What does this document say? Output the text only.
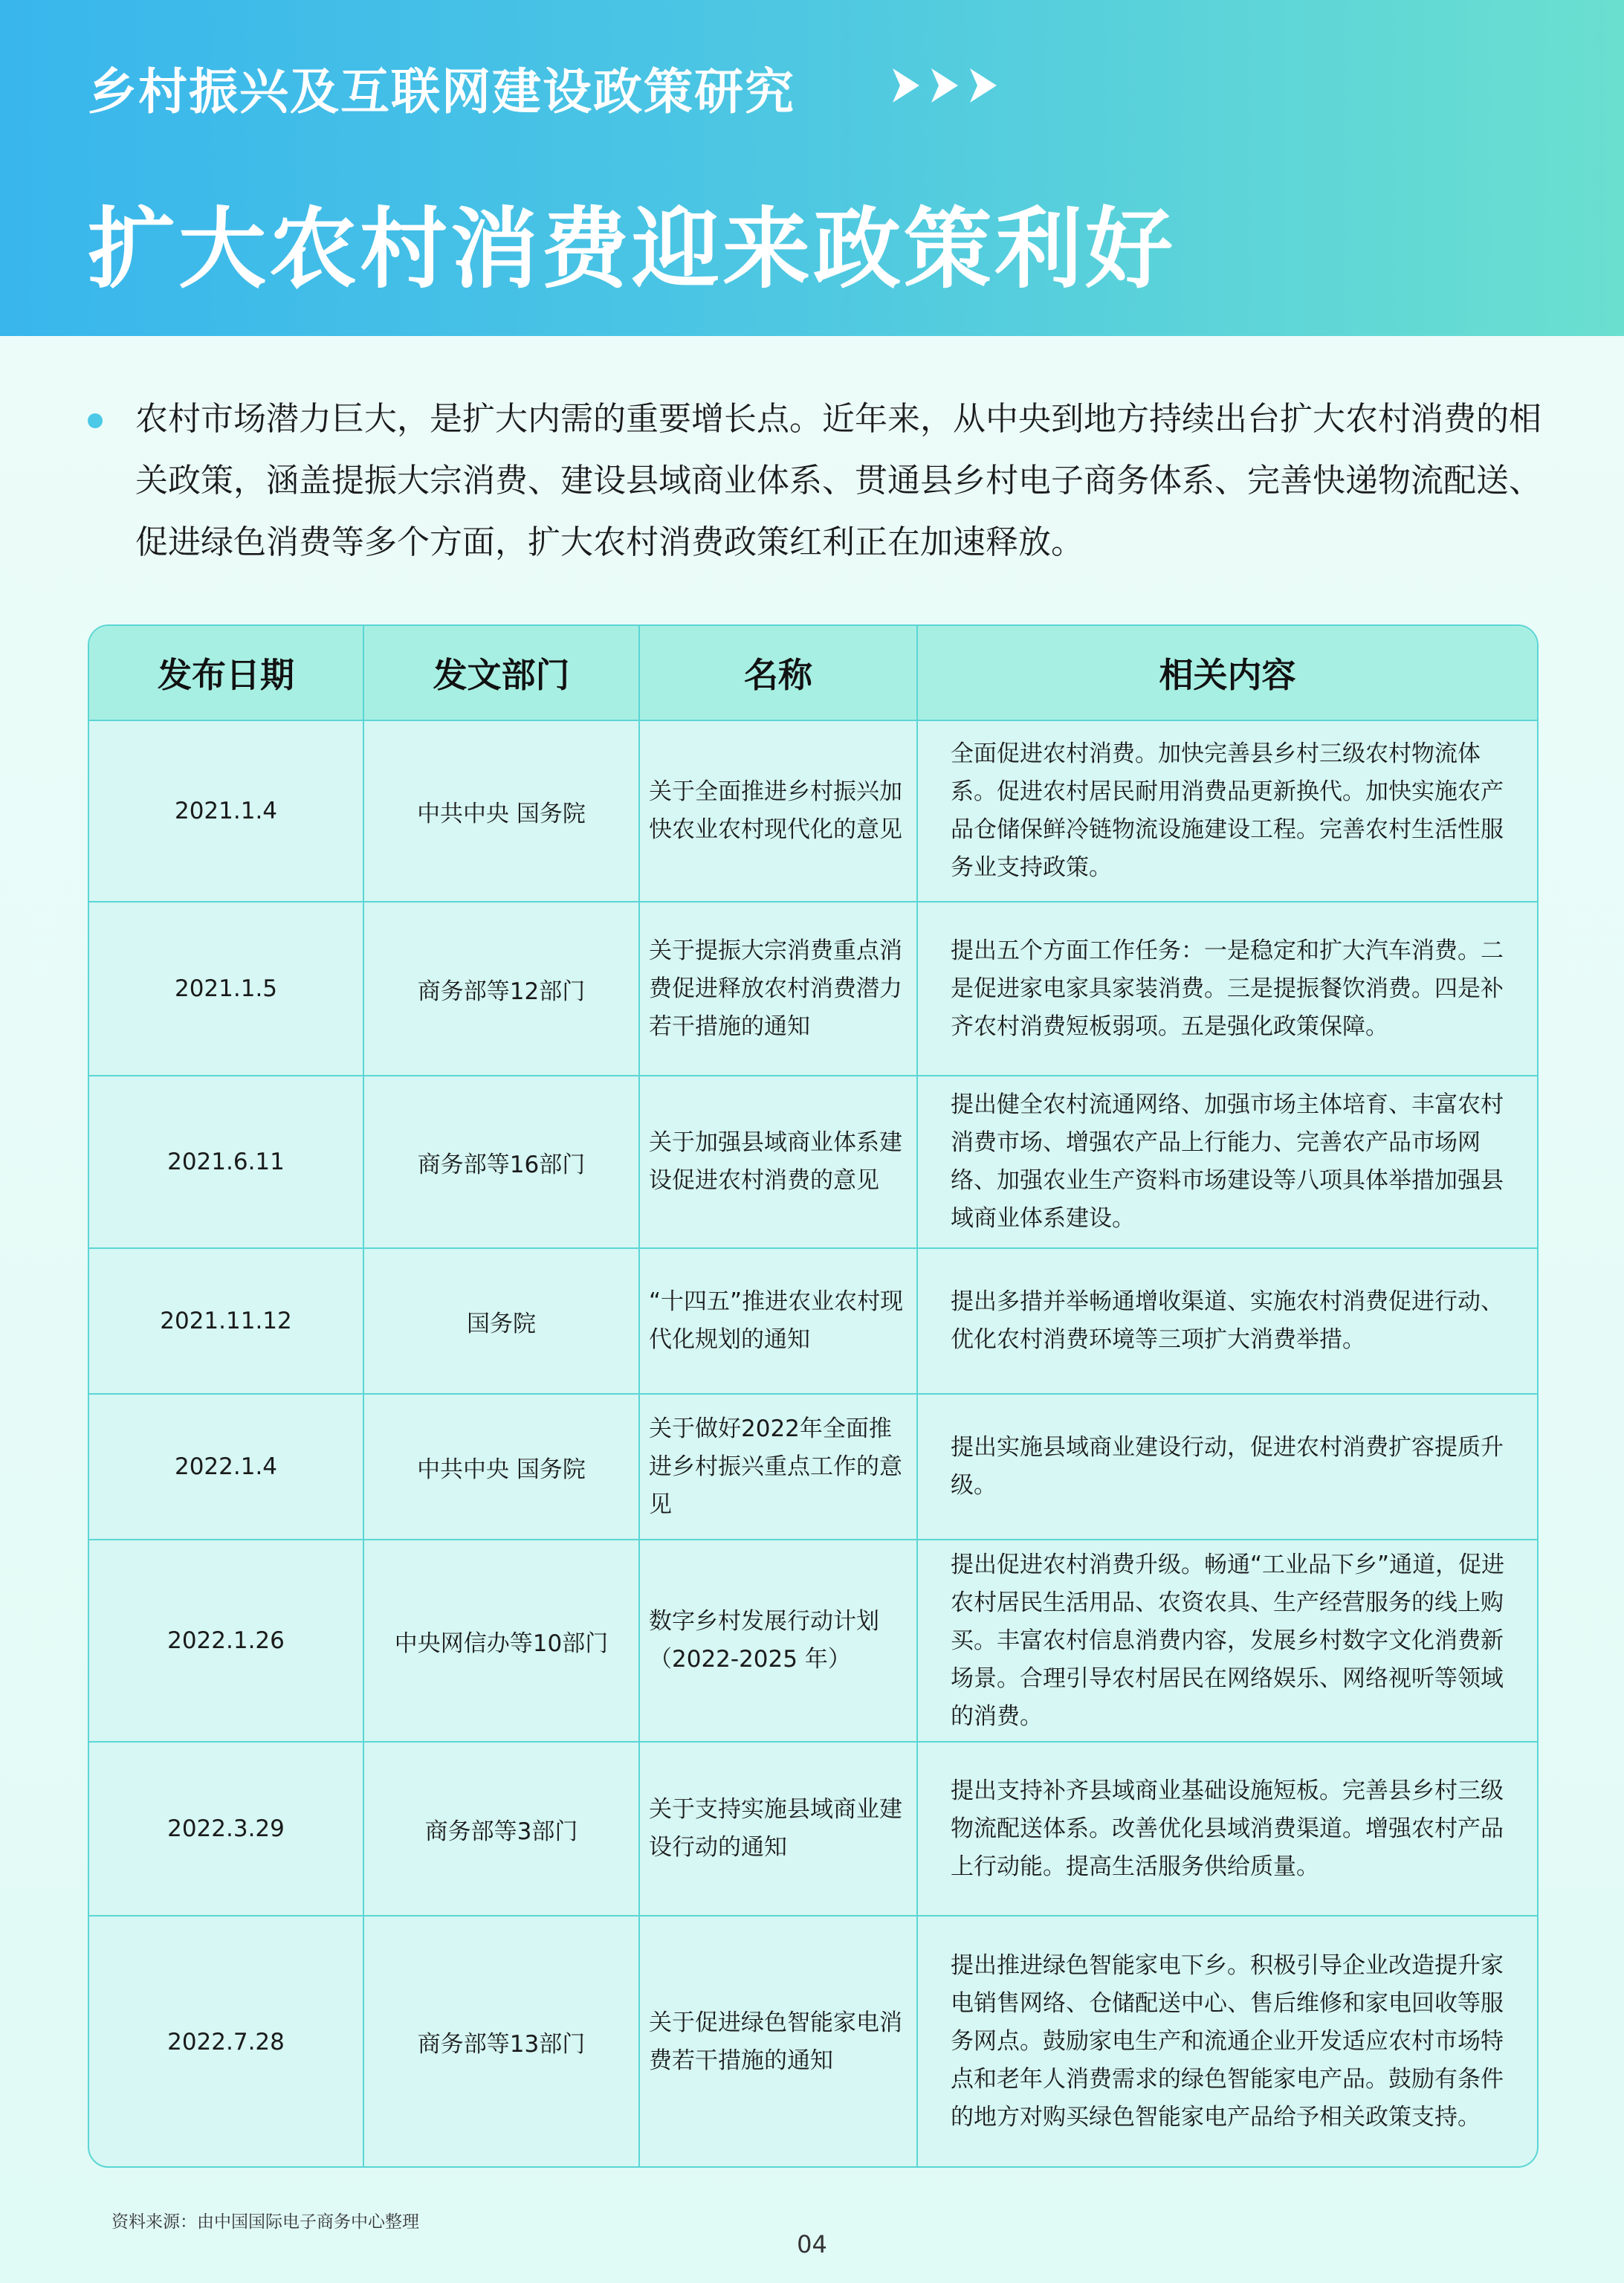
乡村振兴及互联网建设政策研究
扩大农村消费迎来政策利好
农村市场潜力巨大，是扩大内需的重要增长点。近年来，从中央到地方持续出台扩大农村消费的相关政策，涵盖提振大宗消费、建设县域商业体系、贯通县乡村电子商务体系、完善快递物流配送、促进绿色消费等多个方面，扩大农村消费政策红利正在加速释放。
发布日期	发文部门	名称	相关内容
2021.1.4	中共中央 国务院	关于全面推进乡村振兴加快农业农村现代化的意见	全面促进农村消费。加快完善县乡村三级农村物流体系。促进农村居民耐用消费品更新换代。加快实施农产品仓储保鲜冷链物流设施建设工程。完善农村生活性服务业支持政策。
2021.1.5	商务部等12部门	关于提振大宗消费重点消费促进释放农村消费潜力若干措施的通知	提出五个方面工作任务：一是稳定和扩大汽车消费。二是促进家电家具家装消费。三是提振餐饮消费。四是补齐农村消费短板弱项。五是强化政策保障。
2021.6.11	商务部等16部门	关于加强县域商业体系建设促进农村消费的意见	提出健全农村流通网络、加强市场主体培育、丰富农村消费市场、增强农产品上行能力、完善农产品市场网络、加强农业生产资料市场建设等八项具体举措加强县域商业体系建设。
2021.11.12	国务院	“十四五”推进农业农村现代化规划的通知	提出多措并举畅通增收渠道、实施农村消费促进行动、优化农村消费环境等三项扩大消费举措。
2022.1.4	中共中央 国务院	关于做好2022年全面推进乡村振兴重点工作的意见	提出实施县域商业建设行动，促进农村消费扩容提质升级。
2022.1.26	中央网信办等10部门	数字乡村发展行动计划（2022-2025 年）	提出促进农村消费升级。畅通“工业品下乡”通道，促进农村居民生活用品、农资农具、生产经营服务的线上购买。丰富农村信息消费内容，发展乡村数字文化消费新场景。合理引导农村居民在网络娱乐、网络视听等领域的消费。
2022.3.29	商务部等3部门	关于支持实施县域商业建设行动的通知	提出支持补齐县域商业基础设施短板。完善县乡村三级物流配送体系。改善优化县域消费渠道。增强农村产品上行动能。提高生活服务供给质量。
2022.7.28	商务部等13部门	关于促进绿色智能家电消费若干措施的通知	提出推进绿色智能家电下乡。积极引导企业改造提升家电销售网络、仓储配送中心、售后维修和家电回收等服务网点。鼓励家电生产和流通企业开发适应农村市场特点和老年人消费需求的绿色智能家电产品。鼓励有条件的地方对购买绿色智能家电产品给予相关政策支持。
资料来源：由中国国际电子商务中心整理
04
